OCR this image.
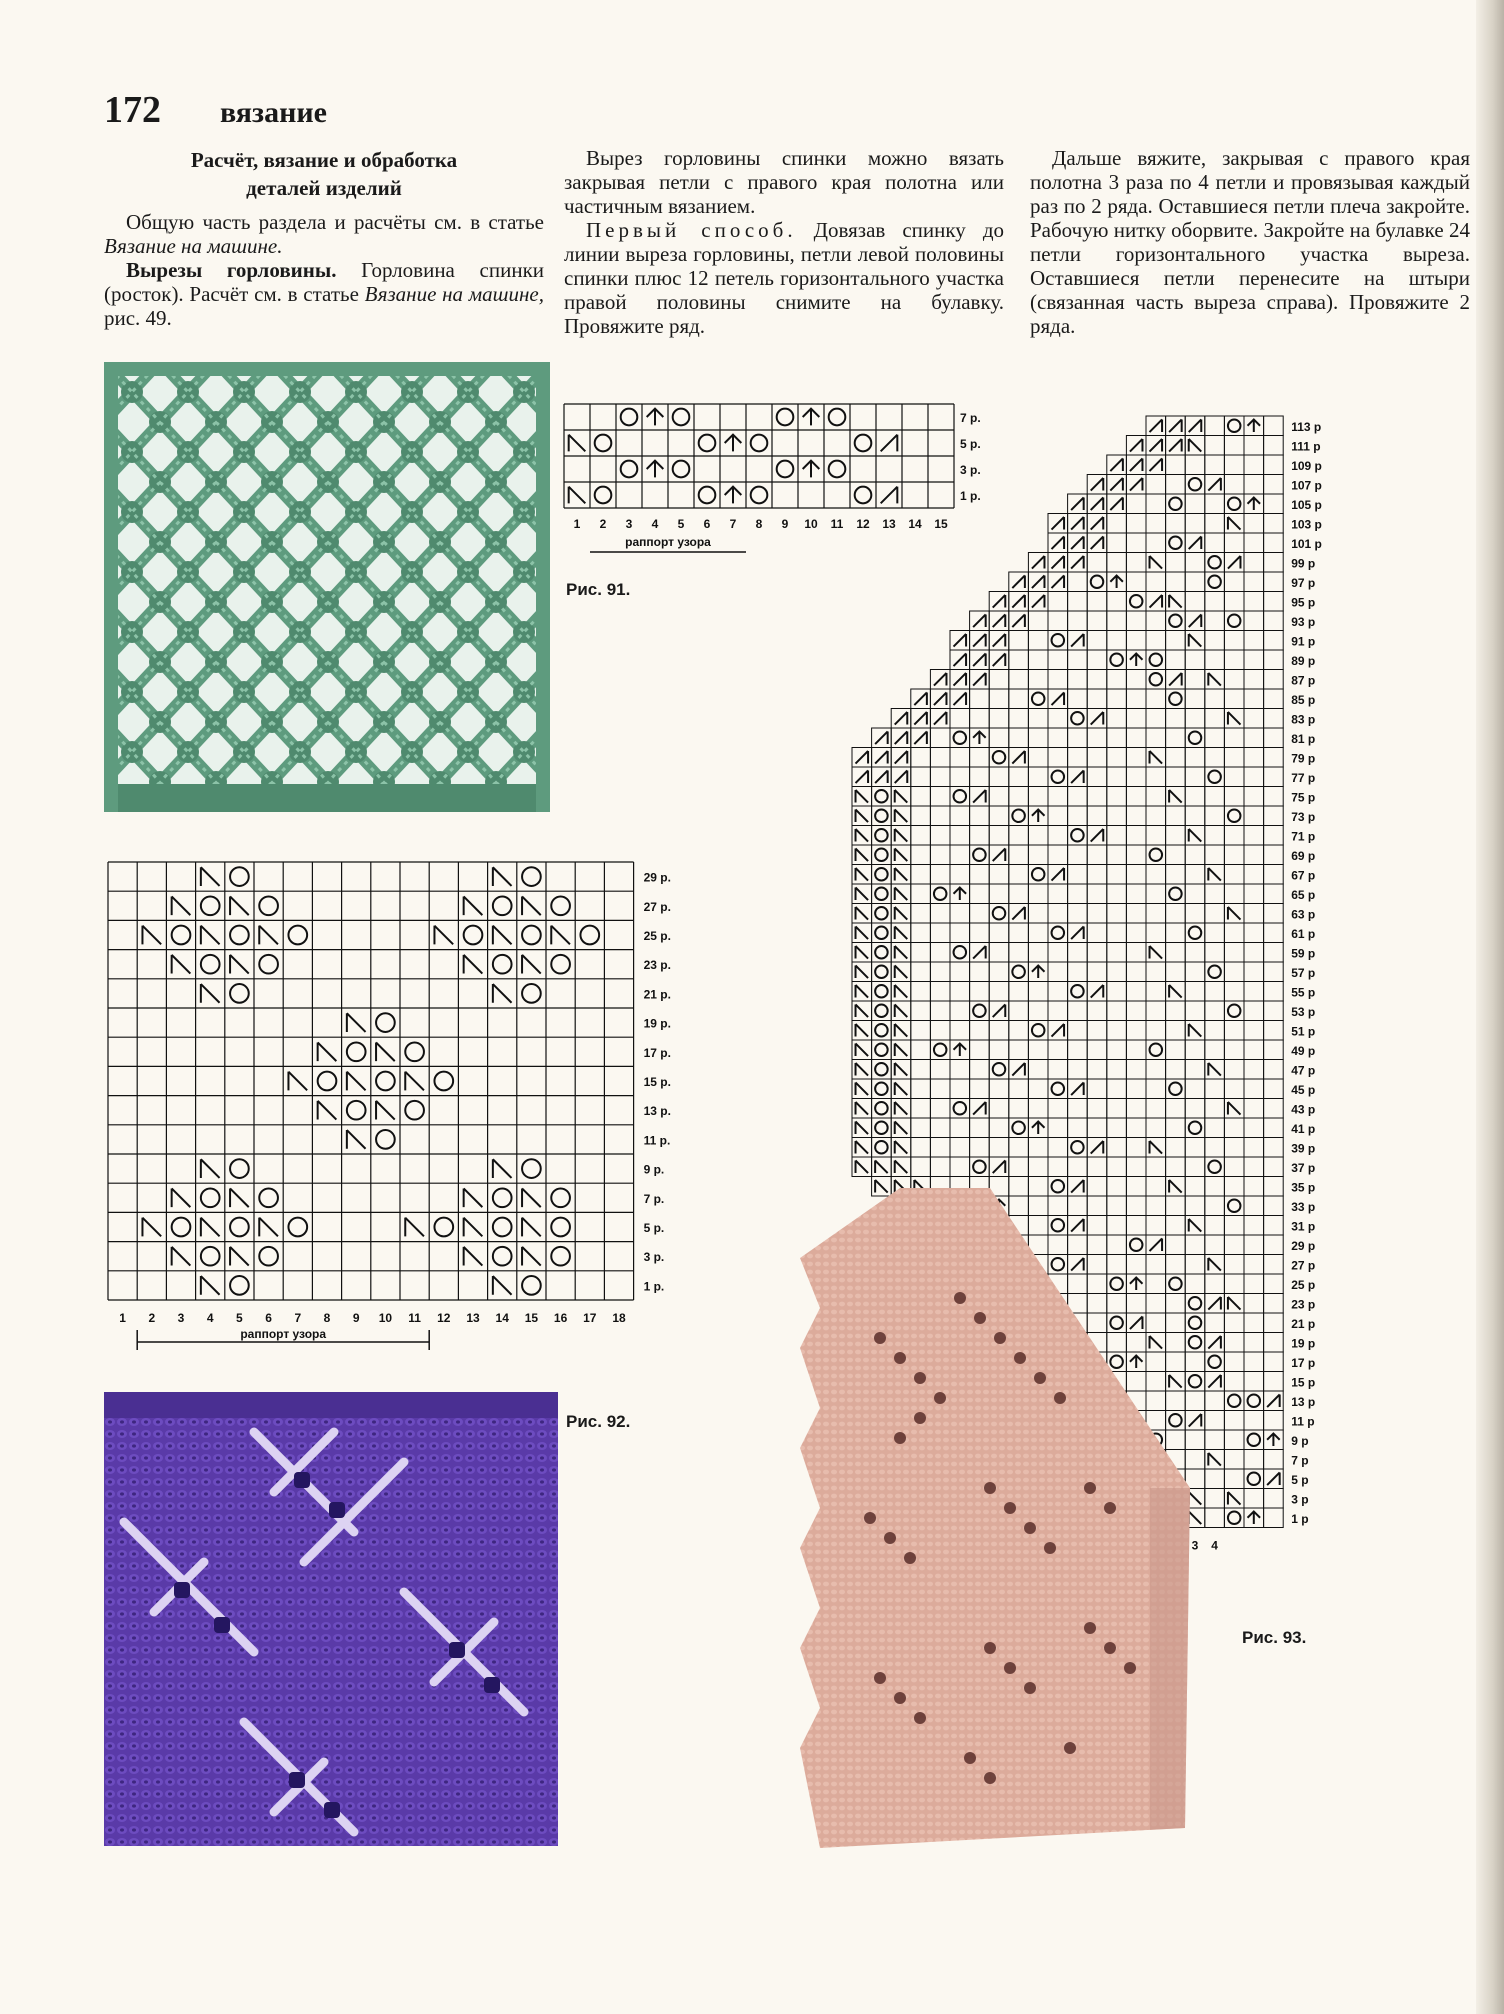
172 вязание

Расчёт, вязание и обработка
деталей изделий

Общую часть раздела и расчёты см. в статье Вязание на машине.

Вырезы горловины. Горловина спинки (росток). Расчёт см. в статье Вязание на машине, рис. 49.

Вырез горловины спинки можно вязать закрывая петли с правого края полотна или частичным вязанием.

Первый способ. Довязав спинку до линии выреза горловины, петли левой половины спинки плюс 12 петель горизонтального участка правой половины снимите на булавку. Провяжите ряд.

Дальше вяжите, закрывая с правого края полотна 3 раза по 4 петли и провязывая каждый раз по 2 ряда. Оставшиеся петли плеча закройте. Рабочую нитку оборвите. Закройте на булавке 24 петли горизонтального участка выреза. Оставшиеся петли перенесите на штыри (связанная часть выреза справа). Провяжите 2 ряда.

7 р.
5 р.
3 р.
1 р.
1 2 3 4 5 6 7 8 9 10 11 12 13 14 15
раппорт узора
Рис. 91.
29 р.
27 р.
25 р.
23 р.
21 р.
19 р.
17 р.
15 р.
13 р.
11 р.
9 р.
7 р.
5 р.
3 р.
1 р.
1 2 3 4 5 6 7 8 9 10 11 12 13 14 15 16 17 18
раппорт узора
Рис. 92.
113 р
111 р
109 р
107 р
105 р
103 р
101 р
99 р
97 р
95 р
93 р
91 р
89 р
87 р
85 р
83 р
81 р
79 р
77 р
75 р
73 р
71 р
69 р
67 р
65 р
63 р
61 р
59 р
57 р
55 р
53 р
51 р
49 р
47 р
45 р
43 р
41 р
39 р
37 р
35 р
33 р
31 р
29 р
27 р
25 р
23 р
21 р
19 р
17 р
15 р
13 р
11 р
9 р
7 р
5 р
3 р
1 р
3 4
Рис. 93.
